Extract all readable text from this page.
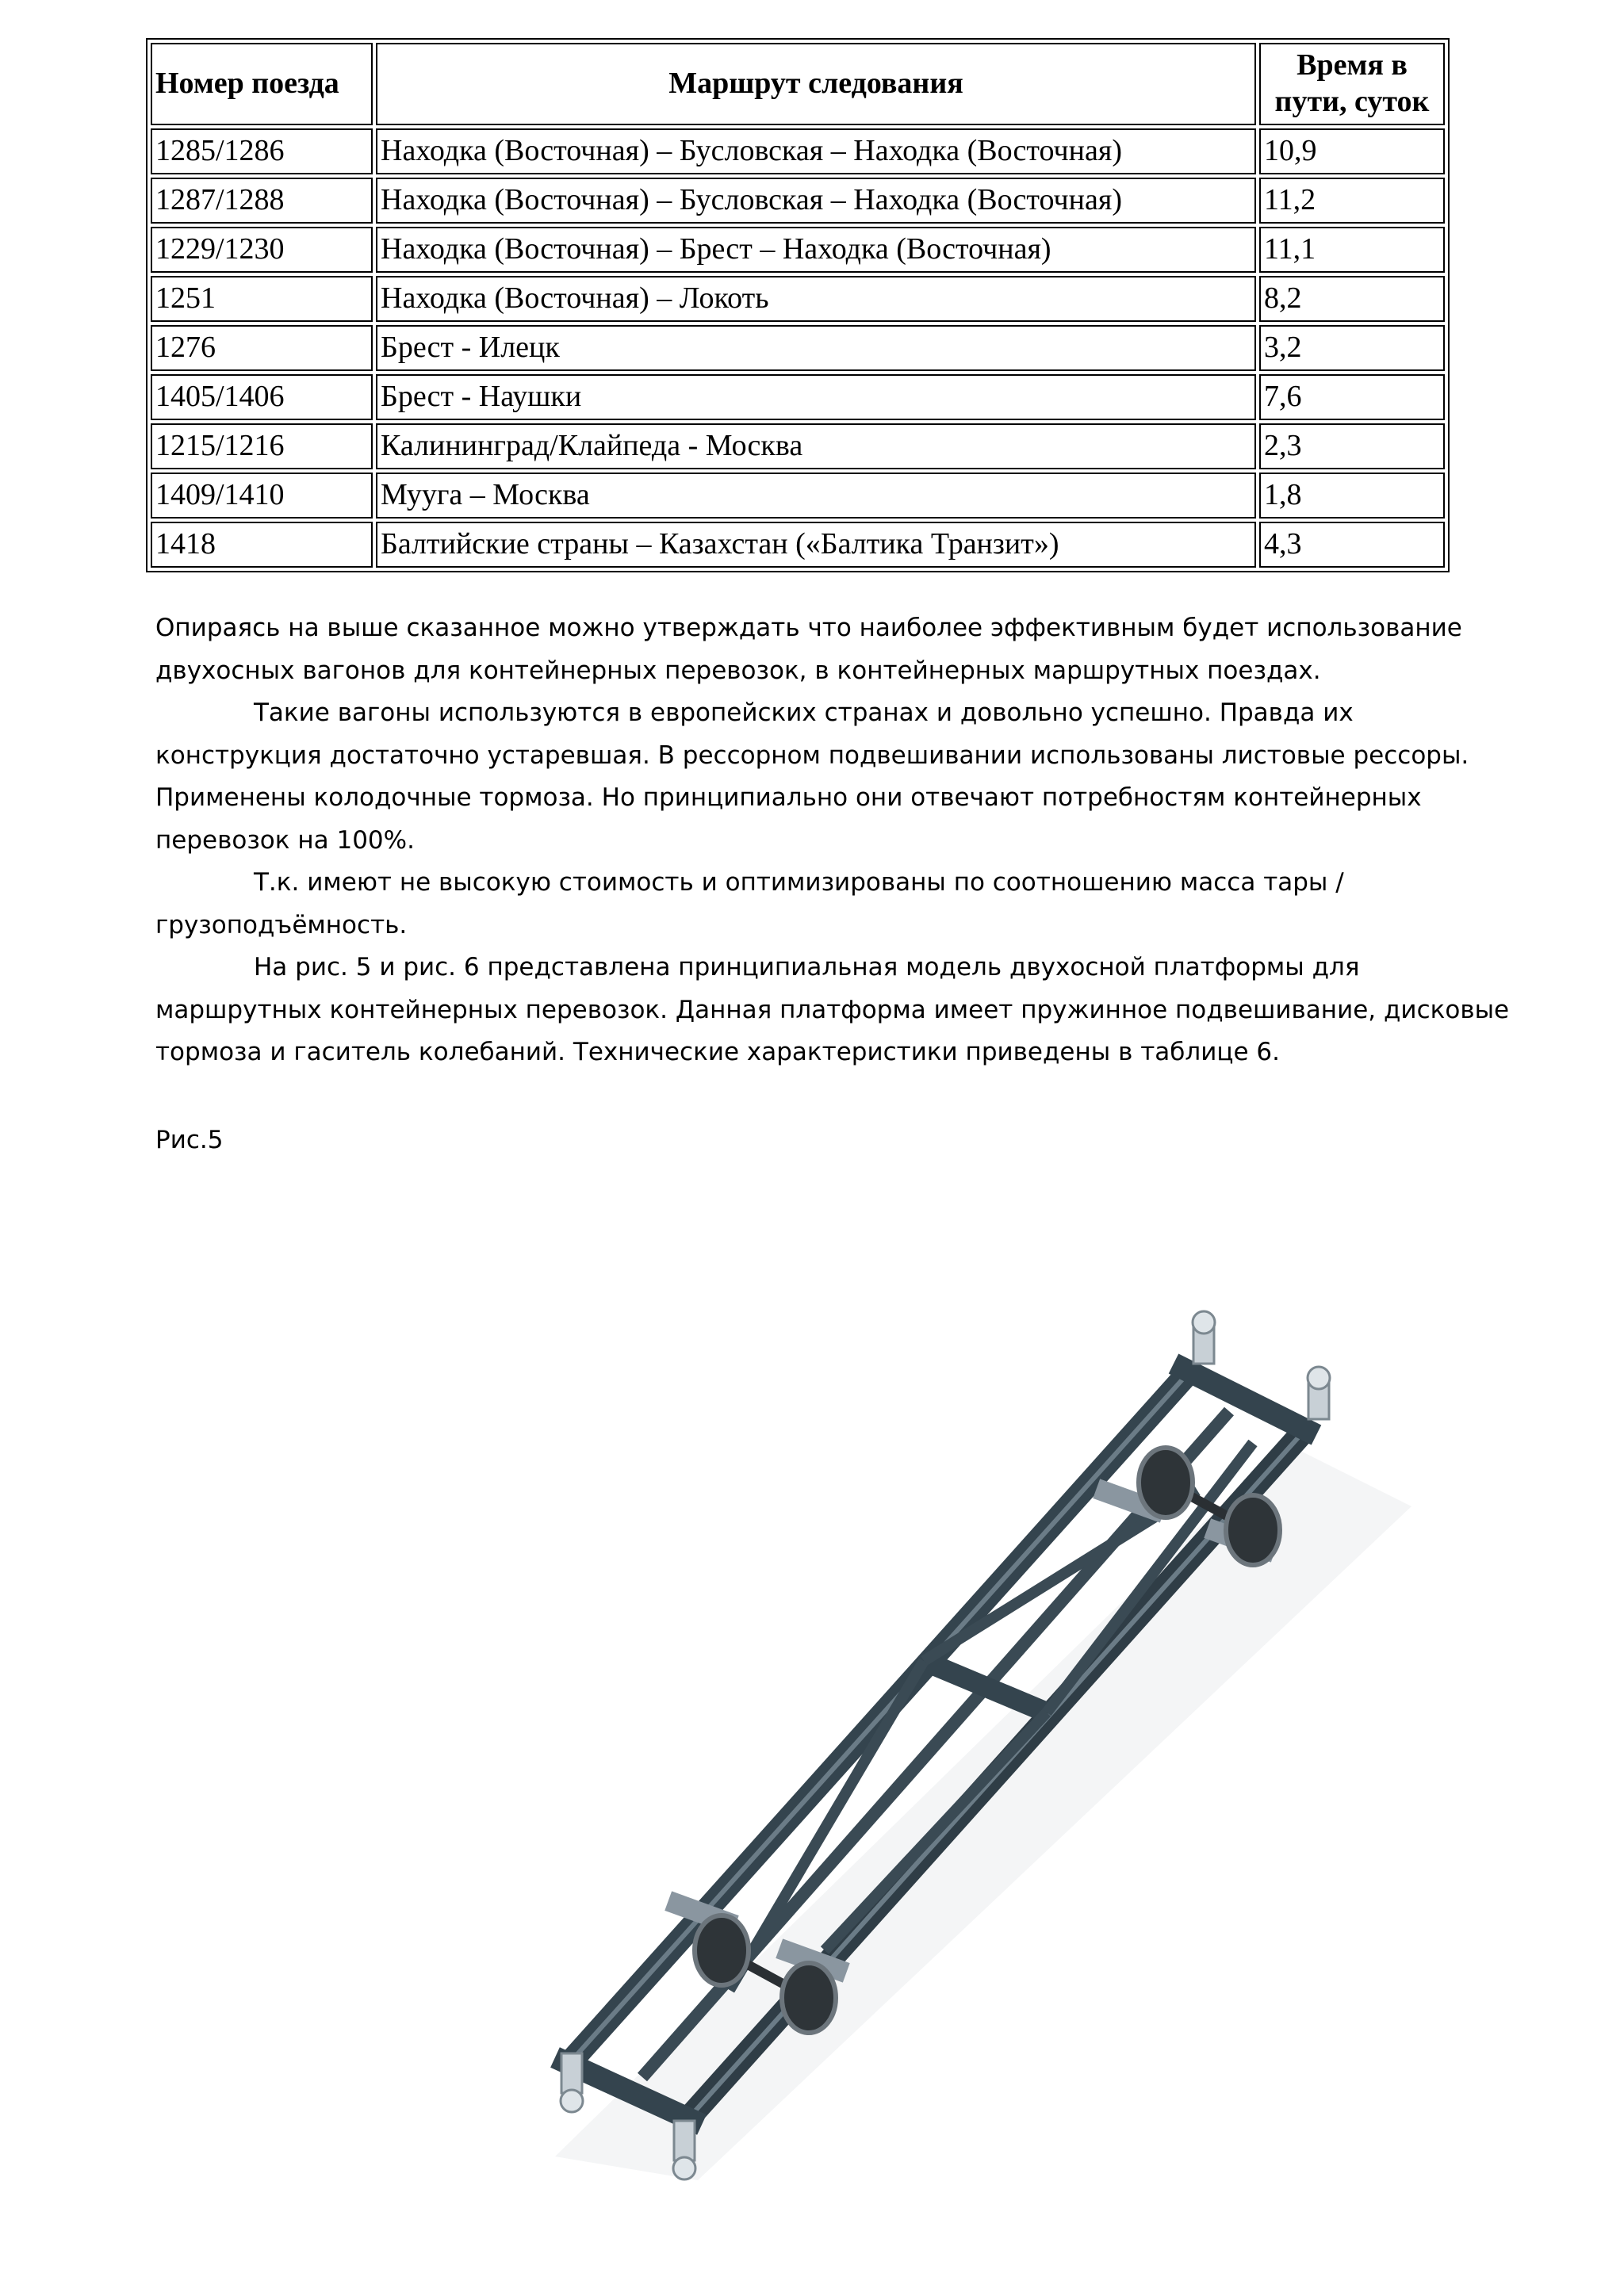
Номер поезда	Маршрут следования	Время в
пути, суток
1285/1286	Находка (Восточная) – Бусловская – Находка (Восточная)	10,9
1287/1288	Находка (Восточная) – Бусловская – Находка (Восточная)	11,2
1229/1230	Находка (Восточная) – Брест – Находка (Восточная)	11,1
1251	Находка (Восточная) – Локоть	8,2
1276	Брест - Илецк	3,2
1405/1406	Брест - Наушки	7,6
1215/1216	Калининград/Клайпеда - Москва	2,3
1409/1410	Мууга – Москва	1,8
1418	Балтийские страны – Казахстан («Балтика Транзит»)	4,3

Опираясь на выше сказанное можно утверждать что наиболее эффективным будет использование двухосных вагонов для контейнерных перевозок, в контейнерных маршрутных поездах.

Такие вагоны используются в европейских странах и довольно успешно. Правда их конструкция достаточно устаревшая. В рессорном подвешивании использованы листовые рессоры. Применены колодочные тормоза. Но принципиально они отвечают потребностям контейнерных перевозок на 100%.

Т.к. имеют не высокую стоимость и оптимизированы по соотношению масса тары /грузоподъёмность.

На рис. 5 и рис. 6 представлена принципиальная модель двухосной платформы для маршрутных контейнерных перевозок. Данная платформа имеет пружинное подвешивание, дисковые тормоза и гаситель колебаний. Технические характеристики приведены в таблице 6.

Рис.5
